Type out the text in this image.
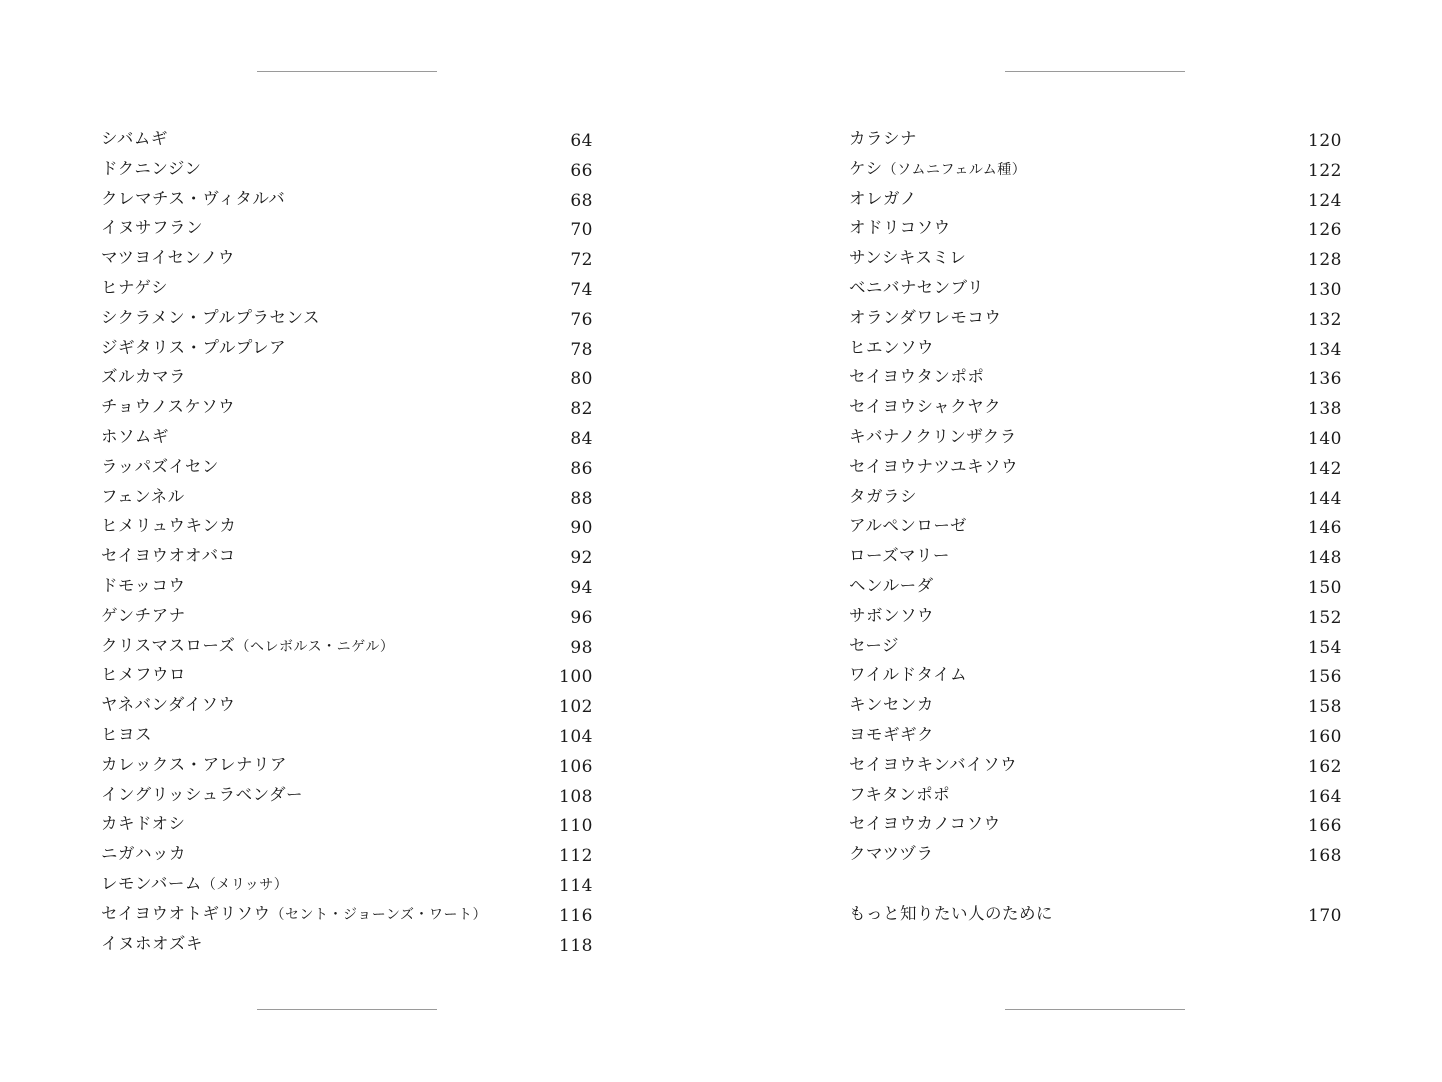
シバムギ	64
ドクニンジン	66
クレマチス・ヴィタルバ	68
イヌサフラン	70
マツヨイセンノウ	72
ヒナゲシ	74
シクラメン・プルプラセンス	76
ジギタリス・プルプレア	78
ズルカマラ	80
チョウノスケソウ	82
ホソムギ	84
ラッパズイセン	86
フェンネル	88
ヒメリュウキンカ	90
セイヨウオオバコ	92
ドモッコウ	94
ゲンチアナ	96
クリスマスローズ（ヘレボルス・ニゲル）	98
ヒメフウロ	100
ヤネバンダイソウ	102
ヒヨス	104
カレックス・アレナリア	106
イングリッシュラベンダー	108
カキドオシ	110
ニガハッカ	112
レモンバーム（メリッサ）	114
セイヨウオトギリソウ（セント・ジョーンズ・ワート）	116
イヌホオズキ	118
カラシナ	120
ケシ（ソムニフェルム種）	122
オレガノ	124
オドリコソウ	126
サンシキスミレ	128
ベニバナセンブリ	130
オランダワレモコウ	132
ヒエンソウ	134
セイヨウタンポポ	136
セイヨウシャクヤク	138
キバナノクリンザクラ	140
セイヨウナツユキソウ	142
タガラシ	144
アルペンローゼ	146
ローズマリー	148
ヘンルーダ	150
サボンソウ	152
セージ	154
ワイルドタイム	156
キンセンカ	158
ヨモギギク	160
セイヨウキンバイソウ	162
フキタンポポ	164
セイヨウカノコソウ	166
クマツヅラ	168
もっと知りたい人のために	170
